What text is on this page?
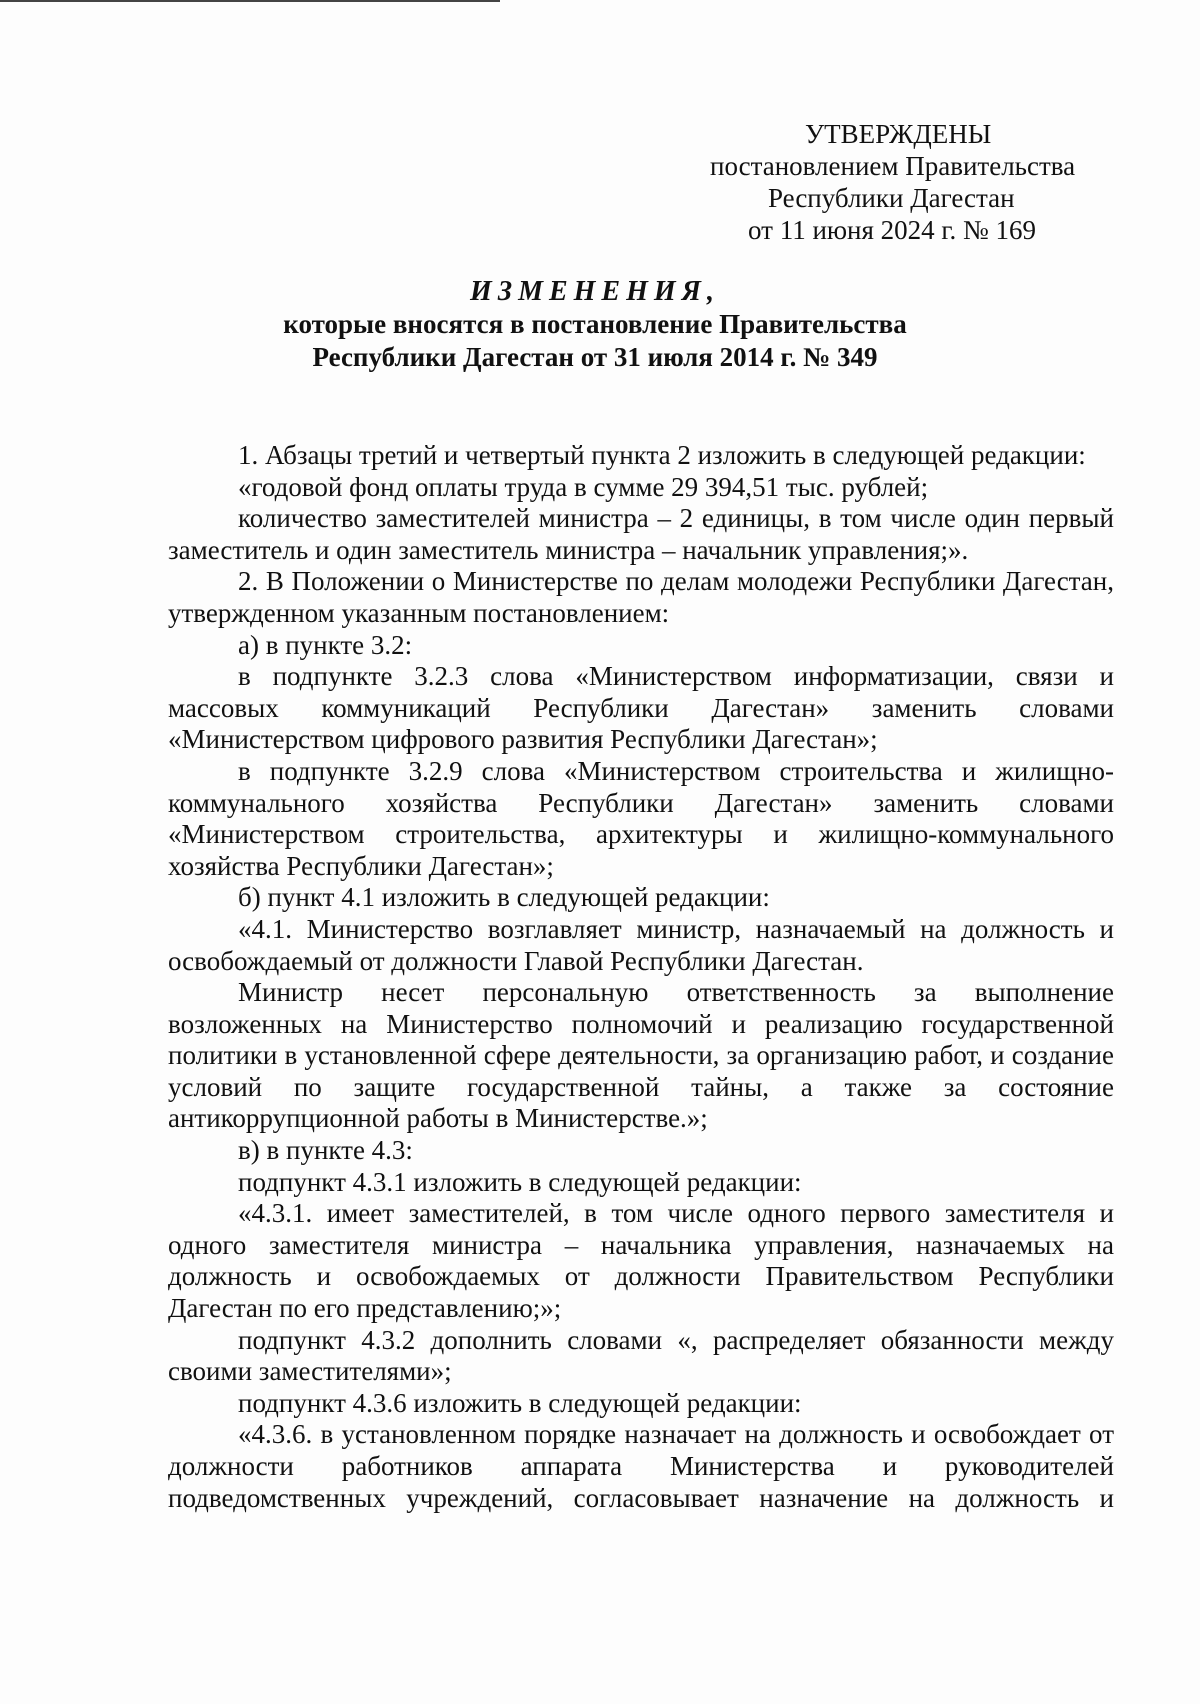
УТВЕРЖДЕНЫ
постановлением Правительства
Республики Дагестан
от 11 июня 2024 г. № 169
ИЗМЕНЕНИЯ,
которые вносятся в постановление Правительства
Республики Дагестан от 31 июля 2014 г. № 349

1. Абзацы третий и четвертый пункта 2 изложить в следующей редакции:

«годовой фонд оплаты труда в сумме 29 394,51 тыс. рублей;

количество заместителей министра – 2 единицы, в том числе один первый заместитель и один заместитель министра – начальник управления;».

2. В Положении о Министерстве по делам молодежи Республики Дагестан, утвержденном указанным постановлением:

а) в пункте 3.2:

в подпункте 3.2.3 слова «Министерством информатизации, связи и массовых коммуникаций Республики Дагестан» заменить словами «Министерством цифрового развития Республики Дагестан»;

в подпункте 3.2.9 слова «Министерством строительства и жилищно-коммунального хозяйства Республики Дагестан» заменить словами «Министерством строительства, архитектуры и жилищно-коммунального хозяйства Республики Дагестан»;

б) пункт 4.1 изложить в следующей редакции:

«4.1. Министерство возглавляет министр, назначаемый на должность и освобождаемый от должности Главой Республики Дагестан.

Министр несет персональную ответственность за выполнение возложенных на Министерство полномочий и реализацию государственной политики в установленной сфере деятельности, за организацию работ, и создание условий по защите государственной тайны, а также за состояние антикоррупционной работы в Министерстве.»;

в) в пункте 4.3:

подпункт 4.3.1 изложить в следующей редакции:

«4.3.1. имеет заместителей, в том числе одного первого заместителя и одного заместителя министра – начальника управления, назначаемых на должность и освобождаемых от должности Правительством Республики Дагестан по его представлению;»;

подпункт 4.3.2 дополнить словами «, распределяет обязанности между своими заместителями»;

подпункт 4.3.6 изложить в следующей редакции:

«4.3.6. в установленном порядке назначает на должность и освобождает от должности работников аппарата Министерства и руководителей подведомственных учреждений, согласовывает назначение на должность и
